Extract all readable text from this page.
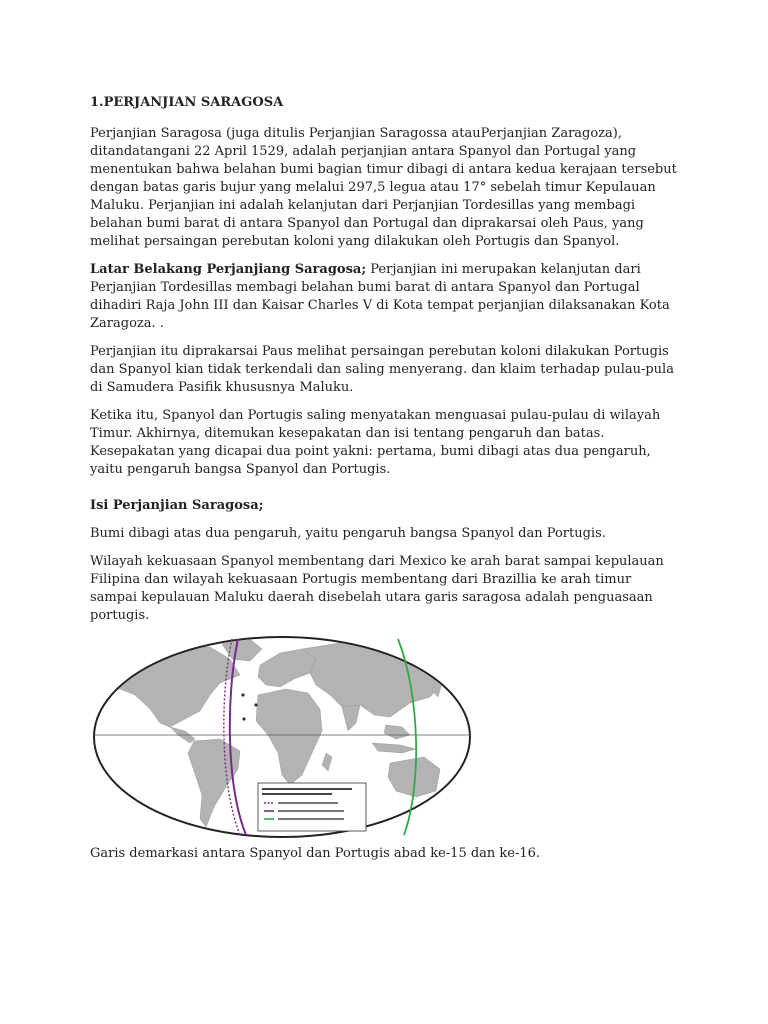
1.PERJANJIAN SARAGOSA
Perjanjian Saragosa (juga ditulis Perjanjian Saragossa atauPerjanjian Zaragoza), ditandatangani 22 April 1529, adalah perjanjian antara Spanyol dan Portugal yang menentukan bahwa belahan bumi bagian timur dibagi di antara kedua kerajaan tersebut dengan batas garis bujur yang melalui 297,5 legua atau 17° sebelah timur Kepulauan Maluku. Perjanjian ini adalah kelanjutan dari Perjanjian Tordesillas yang membagi belahan bumi barat di antara Spanyol dan Portugal dan diprakarsai oleh Paus, yang melihat persaingan perebutan koloni yang dilakukan oleh Portugis dan Spanyol.
Latar Belakang Perjanjiang Saragosa; Perjanjian ini merupakan kelanjutan dari Perjanjian Tordesillas membagi belahan bumi barat di antara Spanyol dan Portugal dihadiri Raja John III dan Kaisar Charles V di Kota tempat perjanjian dilaksanakan Kota Zaragoza. .
Perjanjian itu diprakarsai Paus melihat persaingan perebutan koloni dilakukan Portugis dan Spanyol kian tidak terkendali dan saling menyerang. dan klaim terhadap pulau-pula di Samudera Pasifik khususnya Maluku.
Ketika itu, Spanyol dan Portugis saling menyatakan menguasai pulau-pulau di wilayah Timur. Akhirnya, ditemukan kesepakatan dan isi tentang pengaruh dan batas. Kesepakatan yang dicapai dua point yakni: pertama, bumi dibagi atas dua pengaruh, yaitu pengaruh bangsa Spanyol dan Portugis.
Isi Perjanjian Saragosa;
Bumi dibagi atas dua pengaruh, yaitu pengaruh bangsa Spanyol dan Portugis.
Wilayah kekuasaan Spanyol membentang dari Mexico ke arah barat sampai kepulauan Filipina dan wilayah kekuasaan Portugis membentang dari Brazillia ke arah timur sampai kepulauan Maluku daerah disebelah utara garis saragosa adalah penguasaan portugis.
Garis demarkasi antara Spanyol dan Portugis abad ke-15 dan ke-16.
